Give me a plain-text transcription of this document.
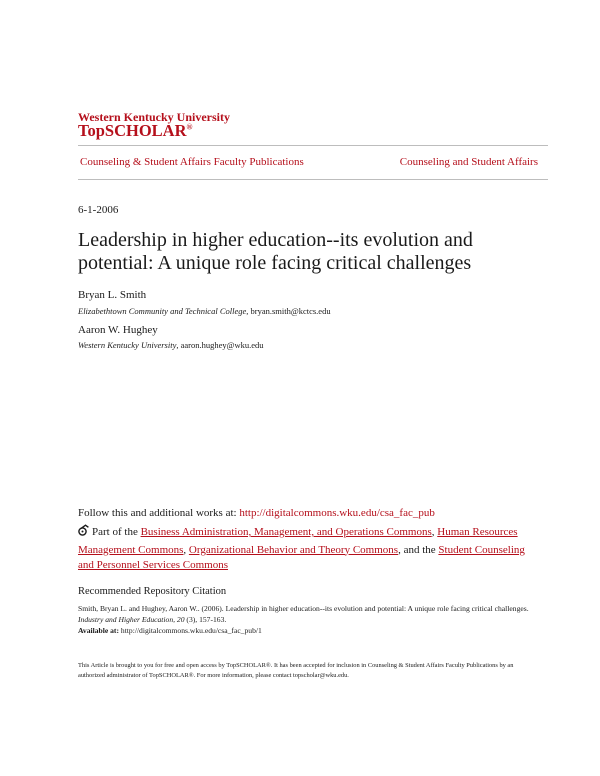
Western Kentucky University
TopSCHOLAR®
Counseling & Student Affairs Faculty Publications	Counseling and Student Affairs
6-1-2006
Leadership in higher education--its evolution and potential: A unique role facing critical challenges
Bryan L. Smith
Elizabethtown Community and Technical College, bryan.smith@kctcs.edu
Aaron W. Hughey
Western Kentucky University, aaron.hughey@wku.edu
Follow this and additional works at: http://digitalcommons.wku.edu/csa_fac_pub
Part of the Business Administration, Management, and Operations Commons, Human Resources Management Commons, Organizational Behavior and Theory Commons, and the Student Counseling and Personnel Services Commons
Recommended Repository Citation
Smith, Bryan L. and Hughey, Aaron W.. (2006). Leadership in higher education--its evolution and potential: A unique role facing critical challenges. Industry and Higher Education, 20 (3), 157-163.
Available at: http://digitalcommons.wku.edu/csa_fac_pub/1
This Article is brought to you for free and open access by TopSCHOLAR®. It has been accepted for inclusion in Counseling & Student Affairs Faculty Publications by an authorized administrator of TopSCHOLAR®. For more information, please contact topscholar@wku.edu.
